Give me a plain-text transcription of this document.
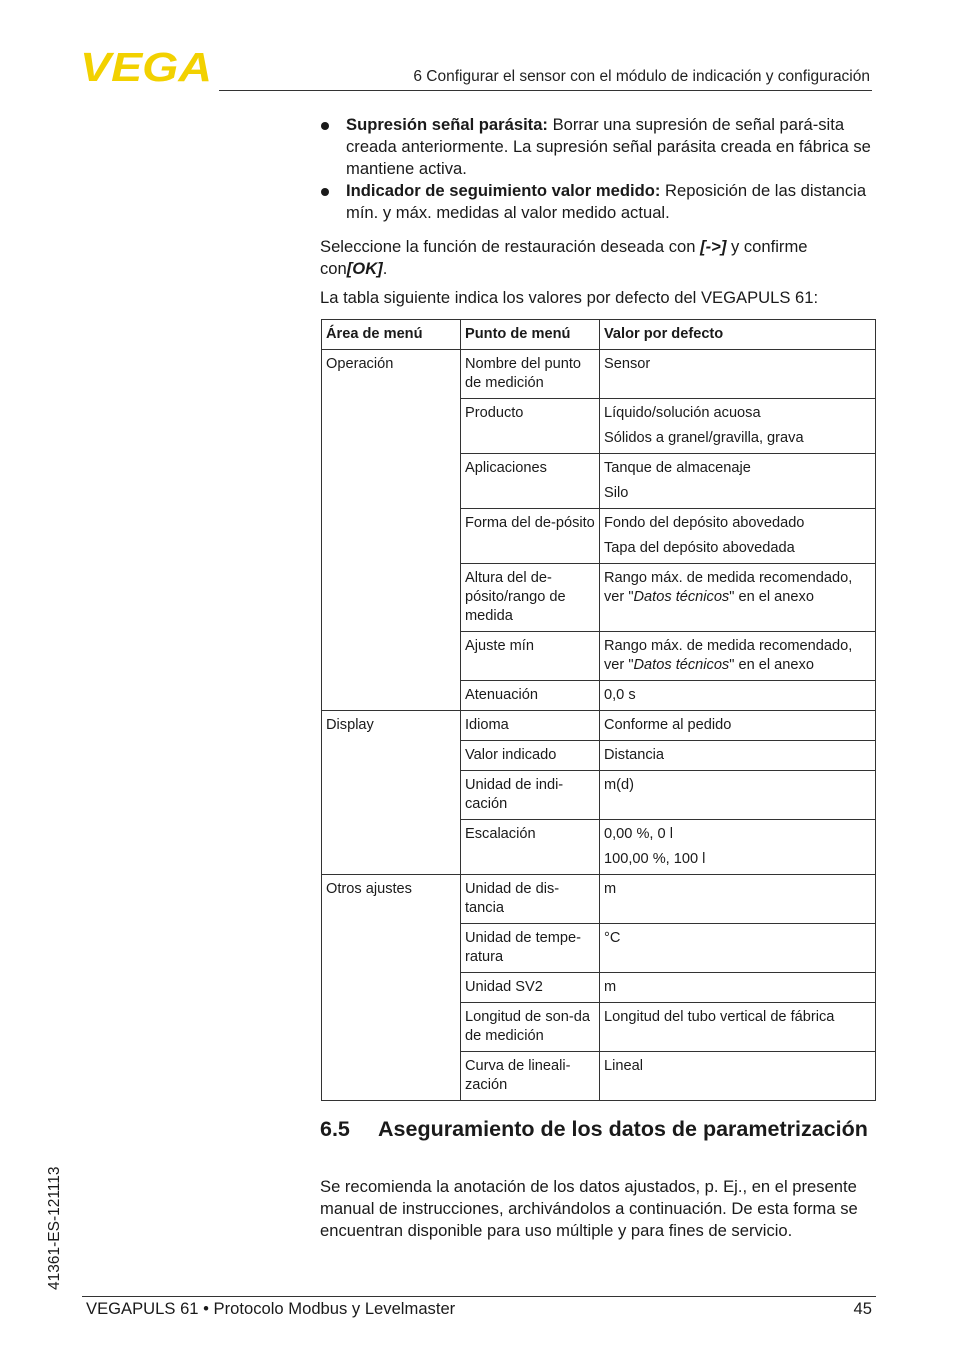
VEGA	6 Configurar el sensor con el módulo de indicación y configuración
Supresión señal parásita: Borrar una supresión de señal pará-sita creada anteriormente. La supresión señal parásita creada en fábrica se mantiene activa.
Indicador de seguimiento valor medido: Reposición de las distancia mín. y máx. medidas al valor medido actual.
Seleccione la función de restauración deseada con [->] y confirme con[OK].
La tabla siguiente indica los valores por defecto del VEGAPULS 61:
Área de menú	Punto de menú	Valor por defecto
Operación	Nombre del punto de medición	Sensor

	Producto	Líquido/solución acuosa
Sólidos a granel/gravilla, grava

	Aplicaciones	Tanque de almacenaje
Silo

	Forma del de-pósito	Fondo del depósito abovedado
Tapa del depósito abovedada

	Altura del de-pósito/rango de medida	Rango máx. de medida recomendado, ver "Datos técnicos" en el anexo

	Ajuste mín	Rango máx. de medida recomendado, ver "Datos técnicos" en el anexo

	Atenuación	0,0 s

Display	Idioma	Conforme al pedido

	Valor indicado	Distancia

	Unidad de indi-cación	m(d)

	Escalación	0,00 %, 0 l
100,00 %, 100 l

Otros ajustes	Unidad de dis-tancia	m

	Unidad de tempe-ratura	°C

	Unidad SV2	m

	Longitud de son-da de medición	Longitud del tubo vertical de fábrica

	Curva de lineali-zación	Lineal
6.5 Aseguramiento de los datos de parametrización
Se recomienda la anotación de los datos ajustados, p. Ej., en el presente manual de instrucciones, archivándolos a continuación. De esta forma se encuentran disponible para uso múltiple y para fines de servicio.
41361-ES-121113
VEGAPULS 61 • Protocolo Modbus y Levelmaster	45
